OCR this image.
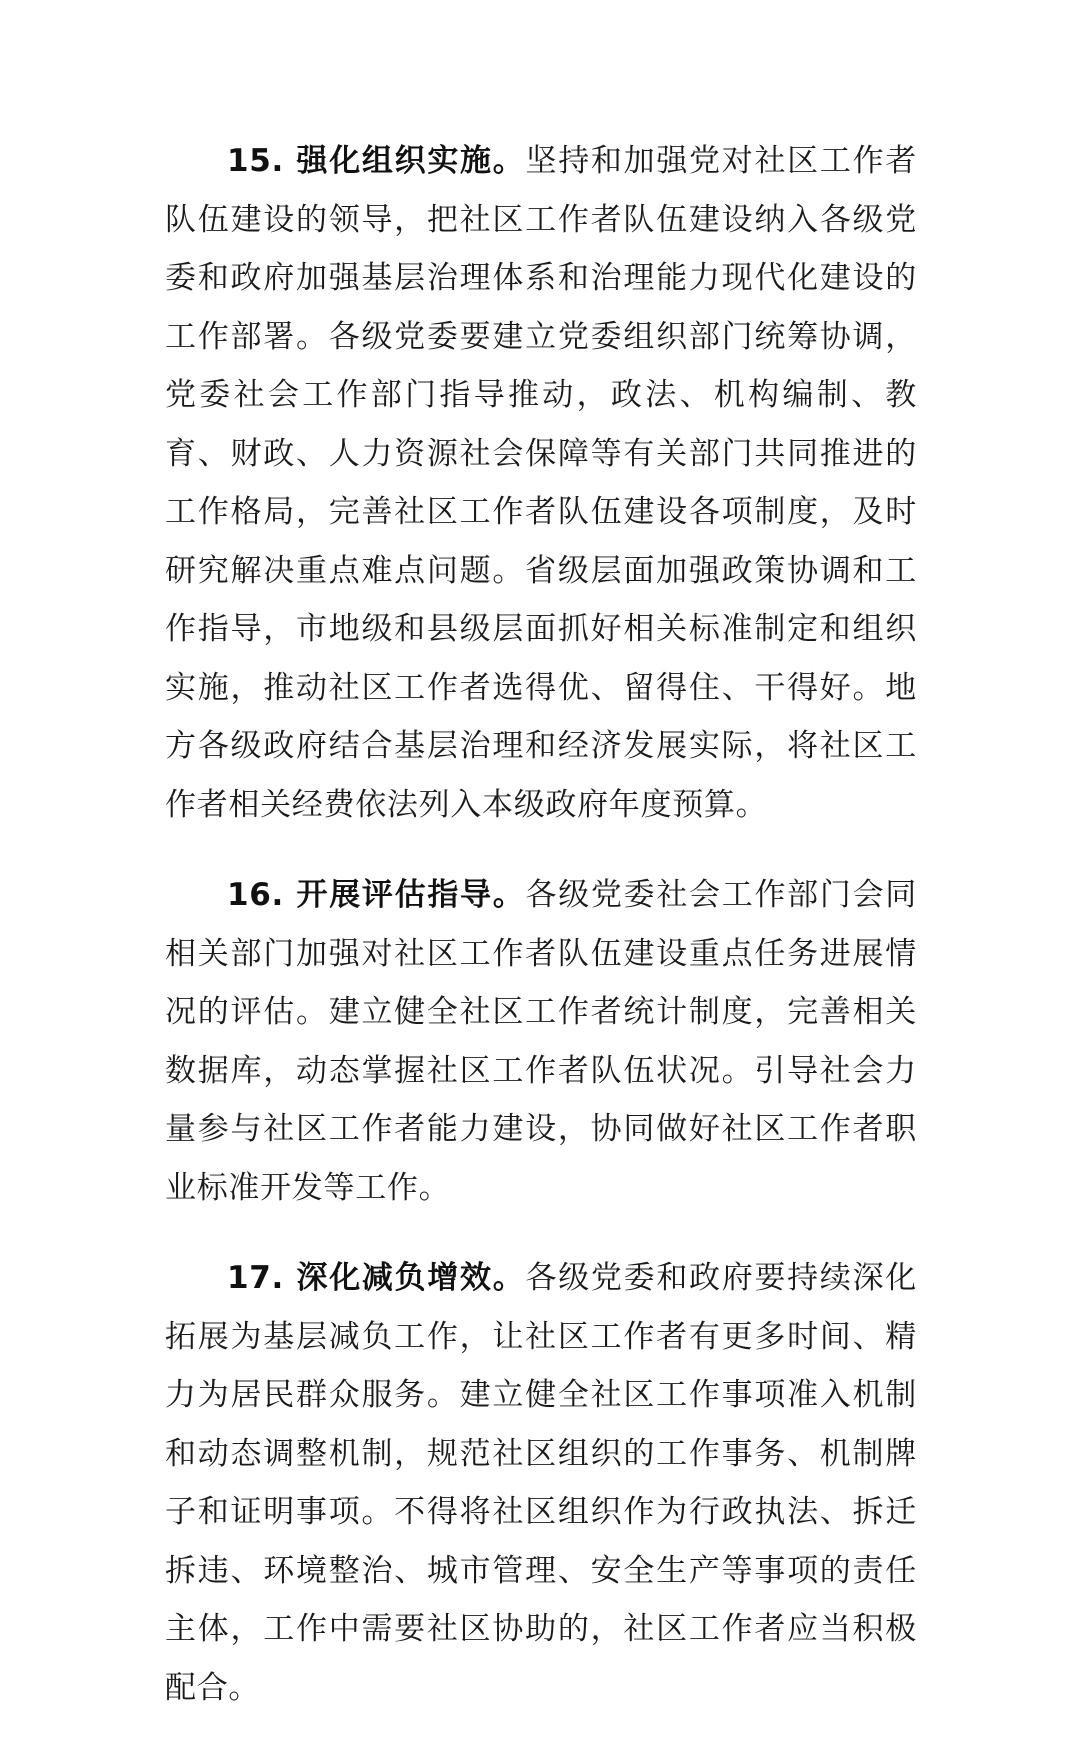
15. 强化组织实施。坚持和加强党对社区工作者队伍建设的领导，把社区工作者队伍建设纳入各级党委和政府加强基层治理体系和治理能力现代化建设的工作部署。各级党委要建立党委组织部门统筹协调，党委社会工作部门指导推动，政法、机构编制、教育、财政、人力资源社会保障等有关部门共同推进的工作格局，完善社区工作者队伍建设各项制度，及时研究解决重点难点问题。省级层面加强政策协调和工作指导，市地级和县级层面抓好相关标准制定和组织实施，推动社区工作者选得优、留得住、干得好。地方各级政府结合基层治理和经济发展实际，将社区工作者相关经费依法列入本级政府年度预算。

16. 开展评估指导。各级党委社会工作部门会同相关部门加强对社区工作者队伍建设重点任务进展情况的评估。建立健全社区工作者统计制度，完善相关数据库，动态掌握社区工作者队伍状况。引导社会力量参与社区工作者能力建设，协同做好社区工作者职业标准开发等工作。

17. 深化减负增效。各级党委和政府要持续深化拓展为基层减负工作，让社区工作者有更多时间、精力为居民群众服务。建立健全社区工作事项准入机制和动态调整机制，规范社区组织的工作事务、机制牌子和证明事项。不得将社区组织作为行政执法、拆迁拆违、环境整治、城市管理、安全生产等事项的责任主体，工作中需要社区协助的，社区工作者应当积极配合。
